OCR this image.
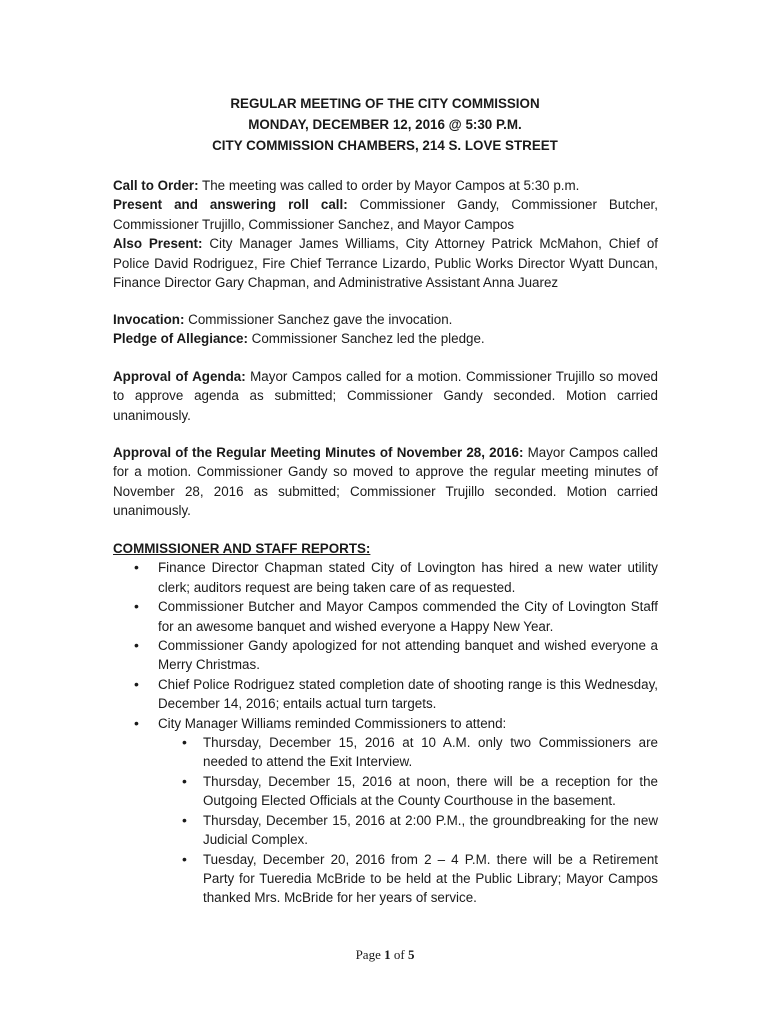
REGULAR MEETING OF THE CITY COMMISSION
MONDAY, DECEMBER 12, 2016 @ 5:30 P.M.
CITY COMMISSION CHAMBERS, 214 S. LOVE STREET
Call to Order: The meeting was called to order by Mayor Campos at 5:30 p.m.
Present and answering roll call: Commissioner Gandy, Commissioner Butcher, Commissioner Trujillo, Commissioner Sanchez, and Mayor Campos
Also Present: City Manager James Williams, City Attorney Patrick McMahon, Chief of Police David Rodriguez, Fire Chief Terrance Lizardo, Public Works Director Wyatt Duncan, Finance Director Gary Chapman, and Administrative Assistant Anna Juarez
Invocation: Commissioner Sanchez gave the invocation.
Pledge of Allegiance: Commissioner Sanchez led the pledge.
Approval of Agenda: Mayor Campos called for a motion. Commissioner Trujillo so moved to approve agenda as submitted; Commissioner Gandy seconded. Motion carried unanimously.
Approval of the Regular Meeting Minutes of November 28, 2016: Mayor Campos called for a motion. Commissioner Gandy so moved to approve the regular meeting minutes of November 28, 2016 as submitted; Commissioner Trujillo seconded. Motion carried unanimously.
COMMISSIONER AND STAFF REPORTS:
• Finance Director Chapman stated City of Lovington has hired a new water utility clerk; auditors request are being taken care of as requested.
• Commissioner Butcher and Mayor Campos commended the City of Lovington Staff for an awesome banquet and wished everyone a Happy New Year.
• Commissioner Gandy apologized for not attending banquet and wished everyone a Merry Christmas.
• Chief Police Rodriguez stated completion date of shooting range is this Wednesday, December 14, 2016; entails actual turn targets.
• City Manager Williams reminded Commissioners to attend:
• Thursday, December 15, 2016 at 10 A.M. only two Commissioners are needed to attend the Exit Interview.
• Thursday, December 15, 2016 at noon, there will be a reception for the Outgoing Elected Officials at the County Courthouse in the basement.
• Thursday, December 15, 2016 at 2:00 P.M., the groundbreaking for the new Judicial Complex.
• Tuesday, December 20, 2016 from 2 – 4 P.M. there will be a Retirement Party for Tueredia McBride to be held at the Public Library; Mayor Campos thanked Mrs. McBride for her years of service.
Page 1 of 5
